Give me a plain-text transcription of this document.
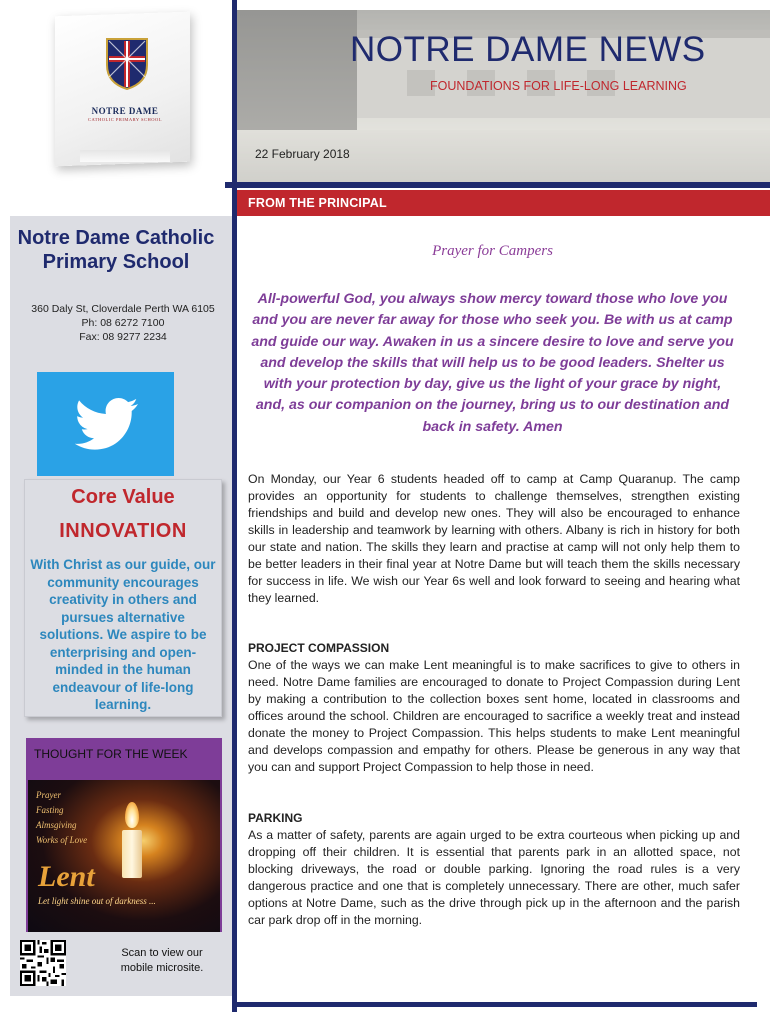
NOTRE DAME
CATHOLIC PRIMARY SCHOOL
NOTRE DAME NEWS
FOUNDATIONS FOR LIFE-LONG LEARNING
22 February 2018
FROM THE PRINCIPAL
Notre Dame Catholic Primary School
360 Daly St, Cloverdale Perth WA 6105
Ph: 08 6272 7100
Fax: 08 9277 2234
Core Value
INNOVATION
With Christ as our guide, our community encourages creativity in others and pursues alternative solutions. We aspire to be enterprising and open-minded in the human endeavour of life-long learning.
THOUGHT FOR THE WEEK
Prayer
Fasting
Almsgiving
Works of Love
Lent
Let light shine out of darkness ...
Scan to view our mobile microsite.
Prayer for Campers
All-powerful God, you always show mercy toward those who love you and you are never far away for those who seek you. Be with us at camp and guide our way. Awaken in us a sincere desire to love and serve you and develop the skills that will help us to be good leaders. Shelter us with your protection by day, give us the light of your grace by night, and, as our companion on the journey, bring us to our destination and back in safety. Amen
On Monday, our Year 6 students headed off to camp at Camp Quaranup. The camp provides an opportunity for students to challenge themselves, strengthen existing friendships and build and develop new ones. They will also be encouraged to enhance skills in leadership and teamwork by learning with others. Albany is rich in history for both our state and nation. The skills they learn and practise at camp will not only help them to be better leaders in their final year at Notre Dame but will teach them the skills necessary for success in life. We wish our Year 6s well and look forward to seeing and hearing what they learned.
PROJECT COMPASSION
One of the ways we can make Lent meaningful is to make sacrifices to give to others in need. Notre Dame families are encouraged to donate to Project Compassion during Lent by making a contribution to the collection boxes sent home, located in classrooms and offices around the school. Children are encouraged to sacrifice a weekly treat and instead donate the money to Project Compassion. This helps students to make Lent meaningful and develops compassion and empathy for others. Please be generous in any way that you can and support Project Compassion to help those in need.
PARKING
As a matter of safety, parents are again urged to be extra courteous when picking up and dropping off their children. It is essential that parents park in an allotted space, not blocking driveways, the road or double parking. Ignoring the road rules is a very dangerous practice and one that is completely unnecessary. There are other, much safer options at Notre Dame, such as the drive through pick up in the afternoon and the parish car park drop off in the morning.
